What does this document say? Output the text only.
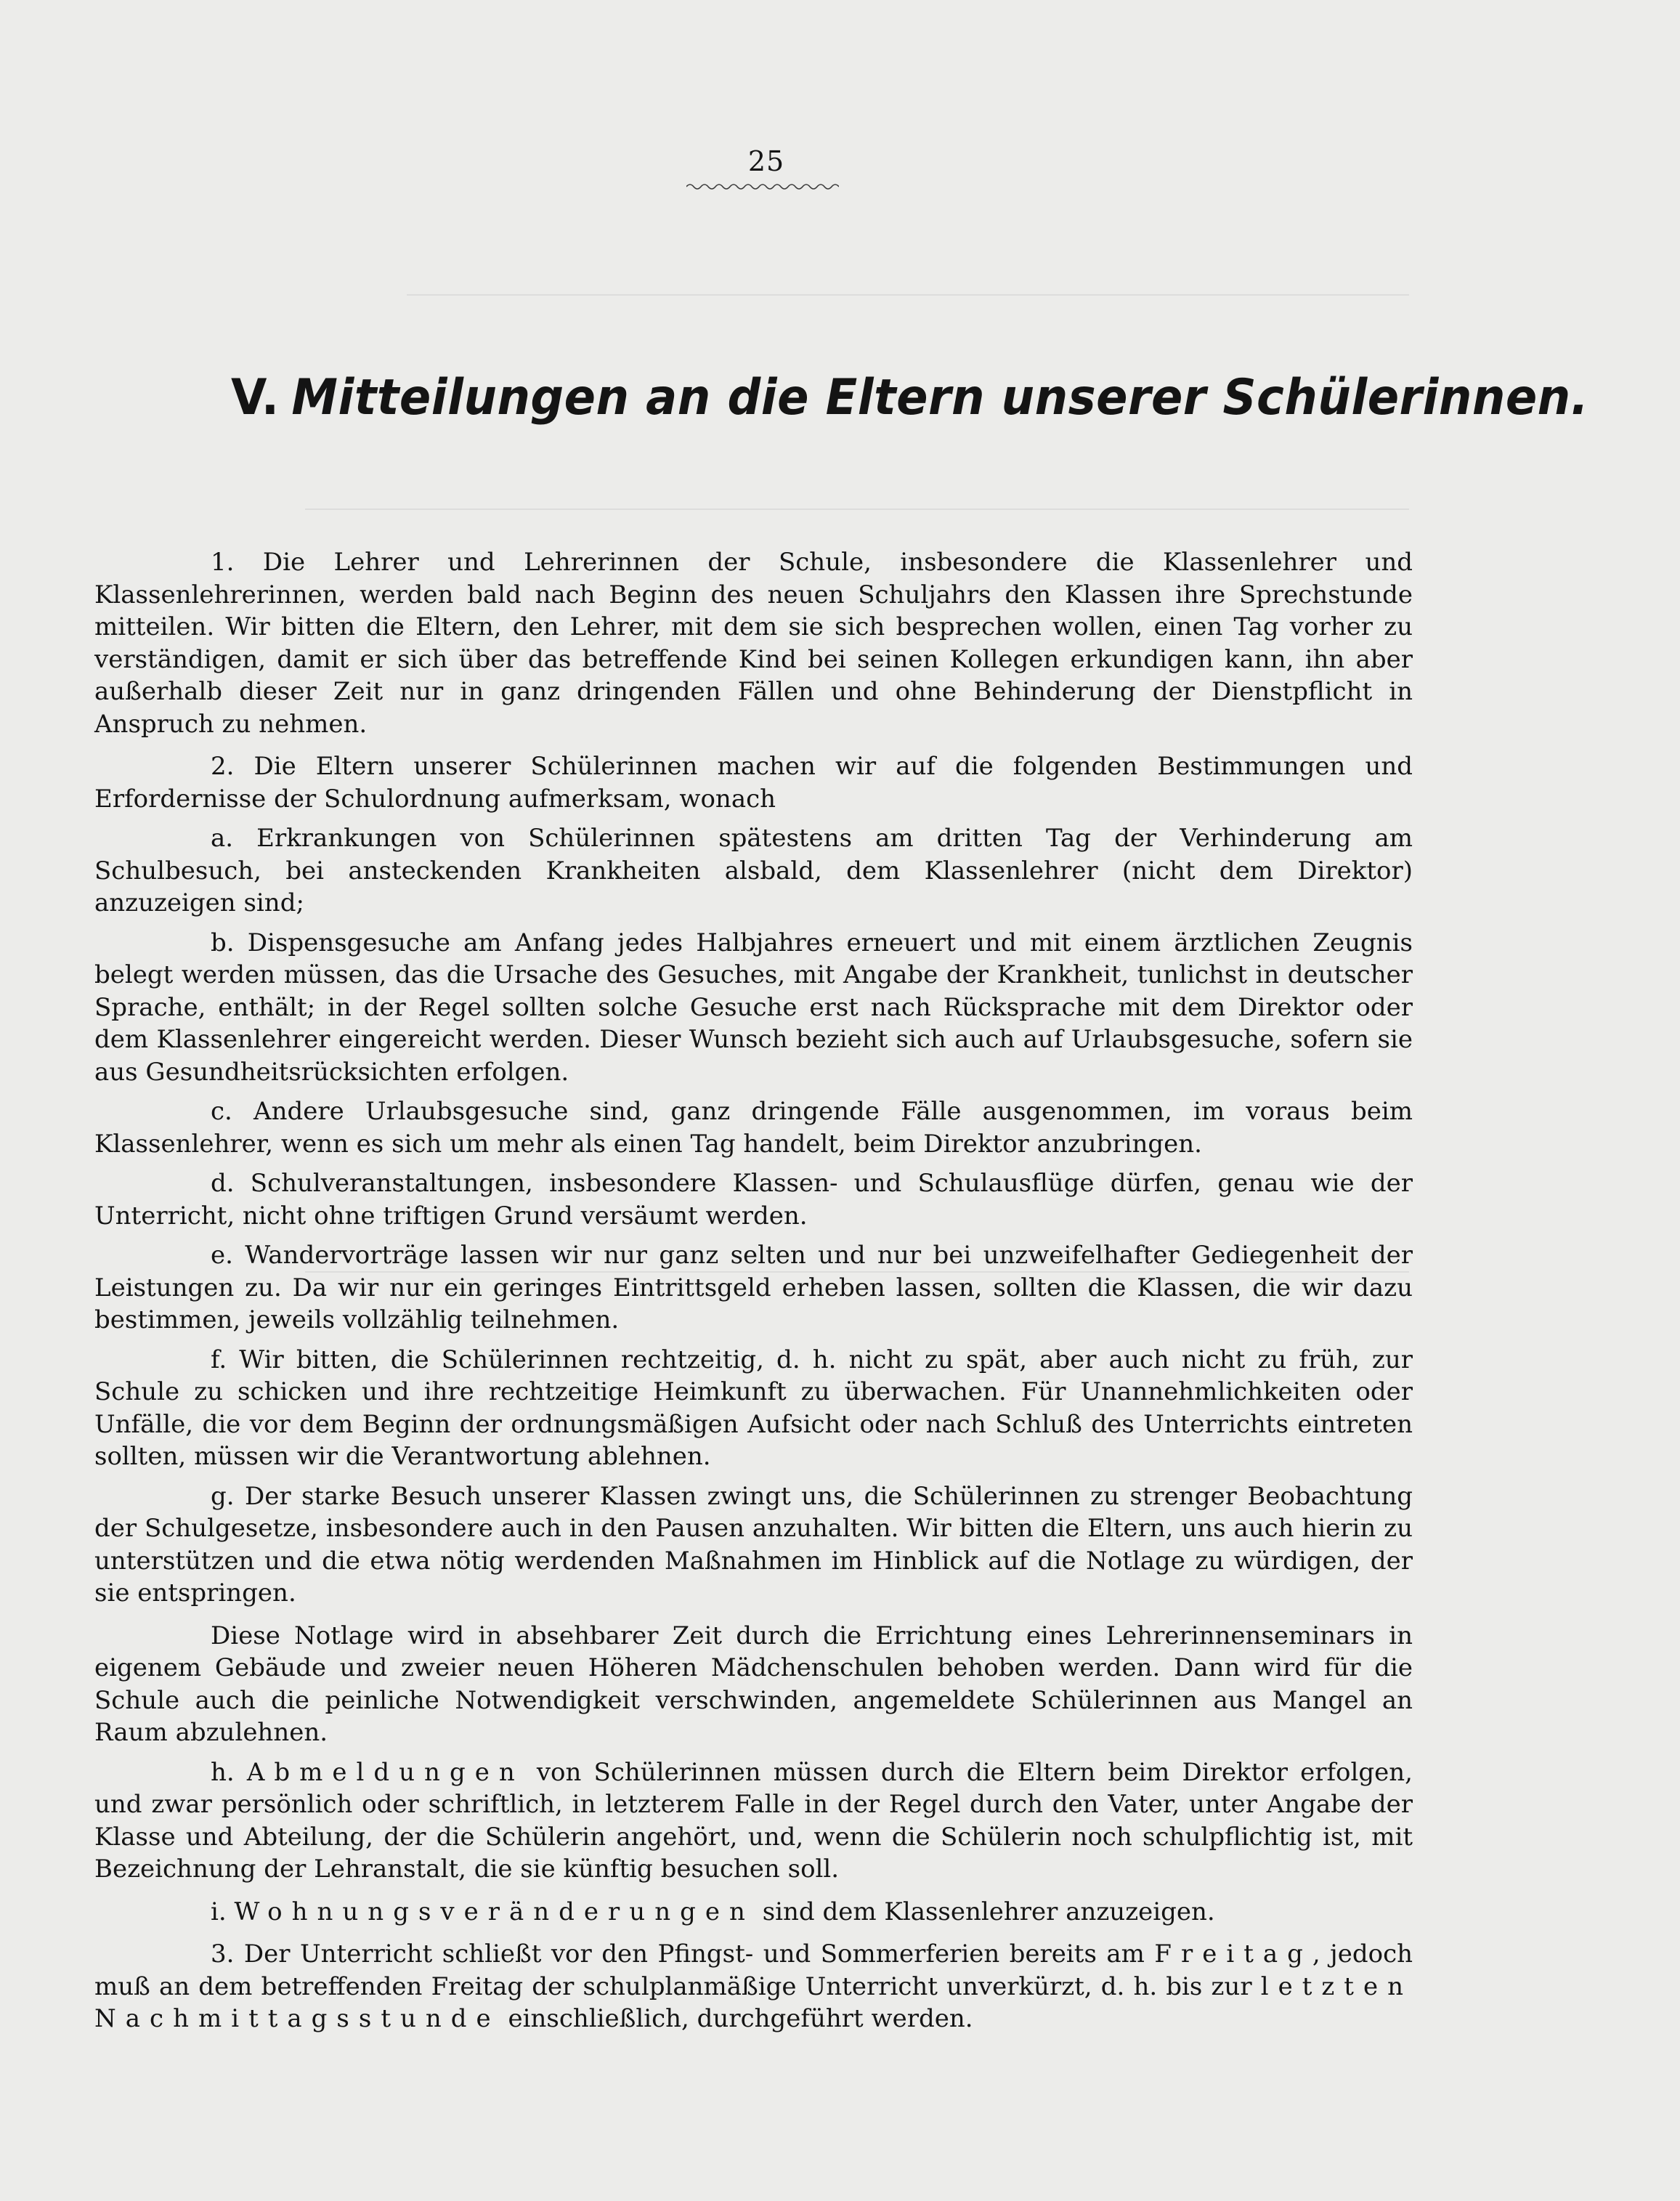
25
V. Mitteilungen an die Eltern unserer Schülerinnen.

1. Die Lehrer und Lehrerinnen der Schule, insbesondere die Klassenlehrer und Klassenlehrerinnen, werden bald nach Beginn des neuen Schuljahrs den Klassen ihre Sprechstunde mitteilen. Wir bitten die Eltern, den Lehrer, mit dem sie sich besprechen wollen, einen Tag vorher zu verständigen, damit er sich über das betreffende Kind bei seinen Kollegen erkundigen kann, ihn aber außerhalb dieser Zeit nur in ganz dringenden Fällen und ohne Behinderung der Dienstpflicht in Anspruch zu nehmen.

2. Die Eltern unserer Schülerinnen machen wir auf die folgenden Bestimmungen und Erfordernisse der Schulordnung aufmerksam, wonach

a. Erkrankungen von Schülerinnen spätestens am dritten Tag der Verhinderung am Schulbesuch, bei ansteckenden Krankheiten alsbald, dem Klassenlehrer (nicht dem Direktor) anzuzeigen sind;

b. Dispensgesuche am Anfang jedes Halbjahres erneuert und mit einem ärztlichen Zeugnis belegt werden müssen, das die Ursache des Gesuches, mit Angabe der Krankheit, tunlichst in deutscher Sprache, enthält; in der Regel sollten solche Gesuche erst nach Rücksprache mit dem Direktor oder dem Klassenlehrer eingereicht werden. Dieser Wunsch bezieht sich auch auf Urlaubsgesuche, sofern sie aus Gesundheitsrücksichten erfolgen.

c. Andere Urlaubsgesuche sind, ganz dringende Fälle ausgenommen, im voraus beim Klassenlehrer, wenn es sich um mehr als einen Tag handelt, beim Direktor anzubringen.

d. Schulveranstaltungen, insbesondere Klassen- und Schulausflüge dürfen, genau wie der Unterricht, nicht ohne triftigen Grund versäumt werden.

e. Wandervorträge lassen wir nur ganz selten und nur bei unzweifelhafter Gediegenheit der Leistungen zu. Da wir nur ein geringes Eintrittsgeld erheben lassen, sollten die Klassen, die wir dazu bestimmen, jeweils vollzählig teilnehmen.

f. Wir bitten, die Schülerinnen rechtzeitig, d. h. nicht zu spät, aber auch nicht zu früh, zur Schule zu schicken und ihre rechtzeitige Heimkunft zu überwachen. Für Unannehmlichkeiten oder Unfälle, die vor dem Beginn der ordnungsmäßigen Aufsicht oder nach Schluß des Unterrichts eintreten sollten, müssen wir die Verantwortung ablehnen.

g. Der starke Besuch unserer Klassen zwingt uns, die Schülerinnen zu strenger Beobachtung der Schulgesetze, insbesondere auch in den Pausen anzuhalten. Wir bitten die Eltern, uns auch hierin zu unterstützen und die etwa nötig werdenden Maßnahmen im Hinblick auf die Notlage zu würdigen, der sie entspringen.

Diese Notlage wird in absehbarer Zeit durch die Errichtung eines Lehrerinnenseminars in eigenem Gebäude und zweier neuen Höheren Mädchenschulen behoben werden. Dann wird für die Schule auch die peinliche Notwendigkeit verschwinden, angemeldete Schülerinnen aus Mangel an Raum abzulehnen.

h. Abmeldungen von Schülerinnen müssen durch die Eltern beim Direktor erfolgen, und zwar persönlich oder schriftlich, in letzterem Falle in der Regel durch den Vater, unter Angabe der Klasse und Abteilung, der die Schülerin angehört, und, wenn die Schülerin noch schulpflichtig ist, mit Bezeichnung der Lehranstalt, die sie künftig besuchen soll.

i. Wohnungsveränderungen sind dem Klassenlehrer anzuzeigen.

3. Der Unterricht schließt vor den Pfingst- und Sommerferien bereits am Freitag, jedoch muß an dem betreffenden Freitag der schulplanmäßige Unterricht unverkürzt, d. h. bis zur letzten Nachmittagsstunde einschließlich, durchgeführt werden.
